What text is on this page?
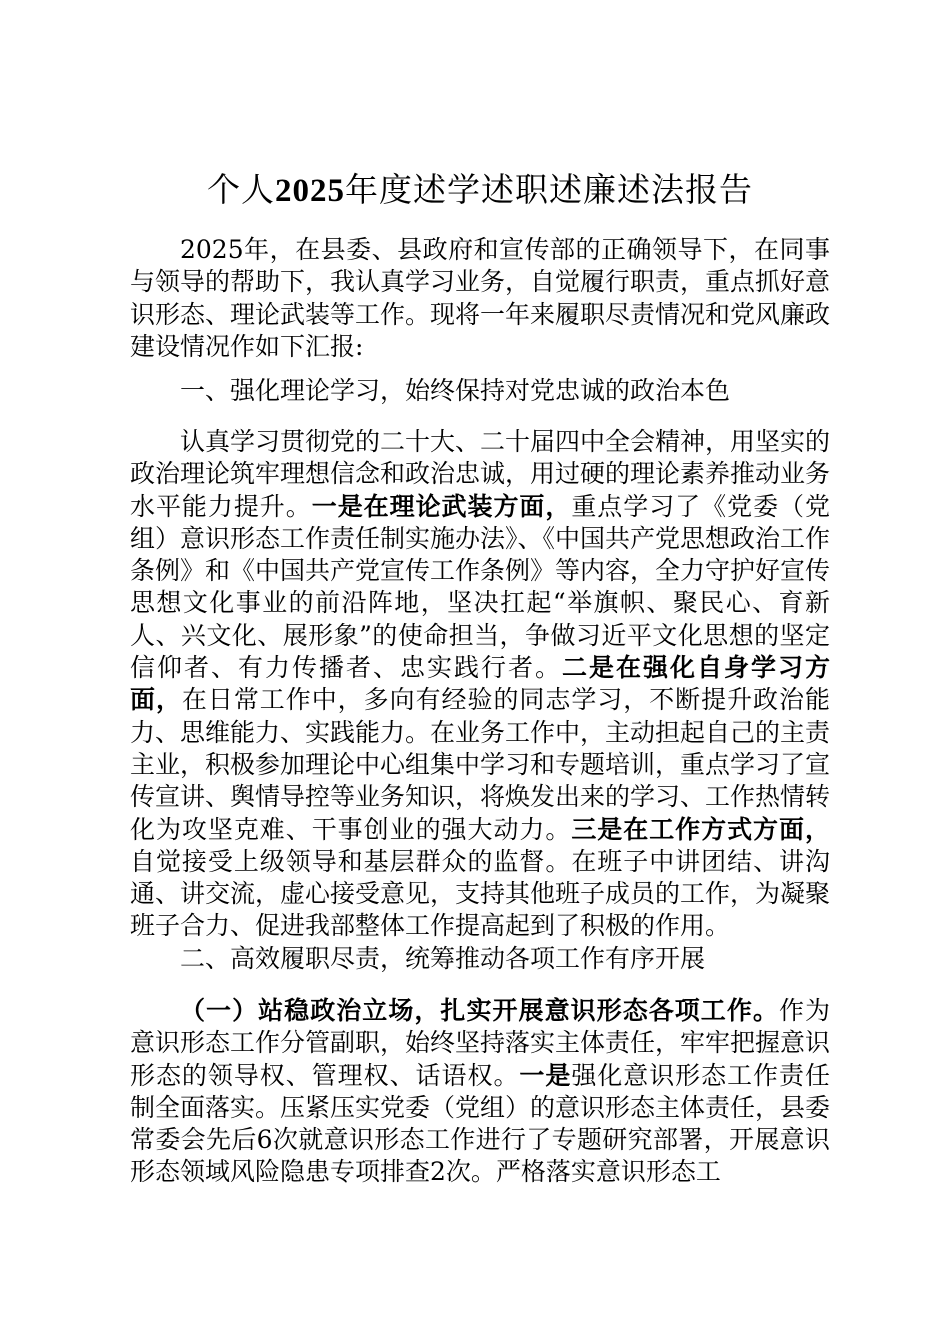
个人2025年度述学述职述廉述法报告

2025年，在县委、县政府和宣传部的正确领导下，在同事与领导的帮助下，我认真学习业务，自觉履行职责，重点抓好意识形态、理论武装等工作。现将一年来履职尽责情况和党风廉政建设情况作如下汇报:

一、强化理论学习，始终保持对党忠诚的政治本色

认真学习贯彻党的二十大、二十届四中全会精神，用坚实的政治理论筑牢理想信念和政治忠诚，用过硬的理论素养推动业务水平能力提升。一是在理论武装方面，重点学习了《党委（党组）意识形态工作责任制实施办法》、《中国共产党思想政治工作条例》和《中国共产党宣传工作条例》等内容，全力守护好宣传思想文化事业的前沿阵地，坚决扛起“举旗帜、聚民心、育新人、兴文化、展形象”的使命担当，争做习近平文化思想的坚定信仰者、有力传播者、忠实践行者。二是在强化自身学习方面，在日常工作中，多向有经验的同志学习，不断提升政治能力、思维能力、实践能力。在业务工作中，主动担起自己的主责主业，积极参加理论中心组集中学习和专题培训，重点学习了宣传宣讲、舆情导控等业务知识，将焕发出来的学习、工作热情转化为攻坚克难、干事创业的强大动力。三是在工作方式方面，自觉接受上级领导和基层群众的监督。在班子中讲团结、讲沟通、讲交流，虚心接受意见，支持其他班子成员的工作，为凝聚班子合力、促进我部整体工作提高起到了积极的作用。

二、高效履职尽责，统筹推动各项工作有序开展

（一）站稳政治立场，扎实开展意识形态各项工作。作为意识形态工作分管副职，始终坚持落实主体责任，牢牢把握意识形态的领导权、管理权、话语权。一是强化意识形态工作责任制全面落实。压紧压实党委（党组）的意识形态主体责任，县委常委会先后6次就意识形态工作进行了专题研究部署，开展意识形态领域风险隐患专项排查2次。严格落实意识形态工
